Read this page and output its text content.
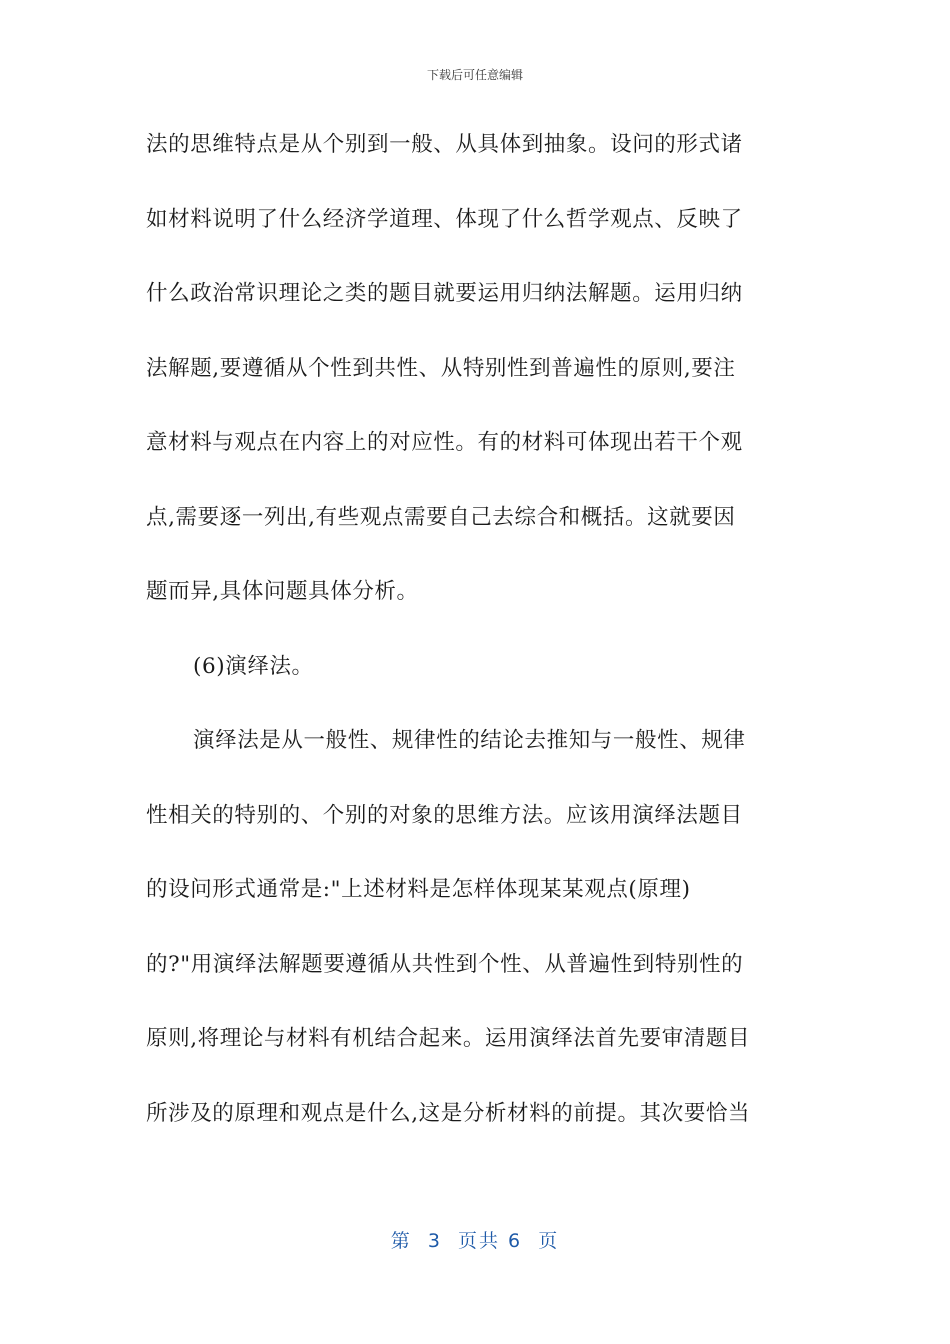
下载后可任意编辑
法的思维特点是从个别到一般、从具体到抽象。设问的形式诸
如材料说明了什么经济学道理、体现了什么哲学观点、反映了
什么政治常识理论之类的题目就要运用归纳法解题。运用归纳
法解题,要遵循从个性到共性、从特别性到普遍性的原则,要注
意材料与观点在内容上的对应性。有的材料可体现出若干个观
点,需要逐一列出,有些观点需要自己去综合和概括。这就要因
题而异,具体问题具体分析。
(6)演绎法。
演绎法是从一般性、规律性的结论去推知与一般性、规律
性相关的特别的、个别的对象的思维方法。应该用演绎法题目
的设问形式通常是:"上述材料是怎样体现某某观点(原理)
的?"用演绎法解题要遵循从共性到个性、从普遍性到特别性的
原则,将理论与材料有机结合起来。运用演绎法首先要审清题目
所涉及的原理和观点是什么,这是分析材料的前提。其次要恰当
第  3  页共 6  页
